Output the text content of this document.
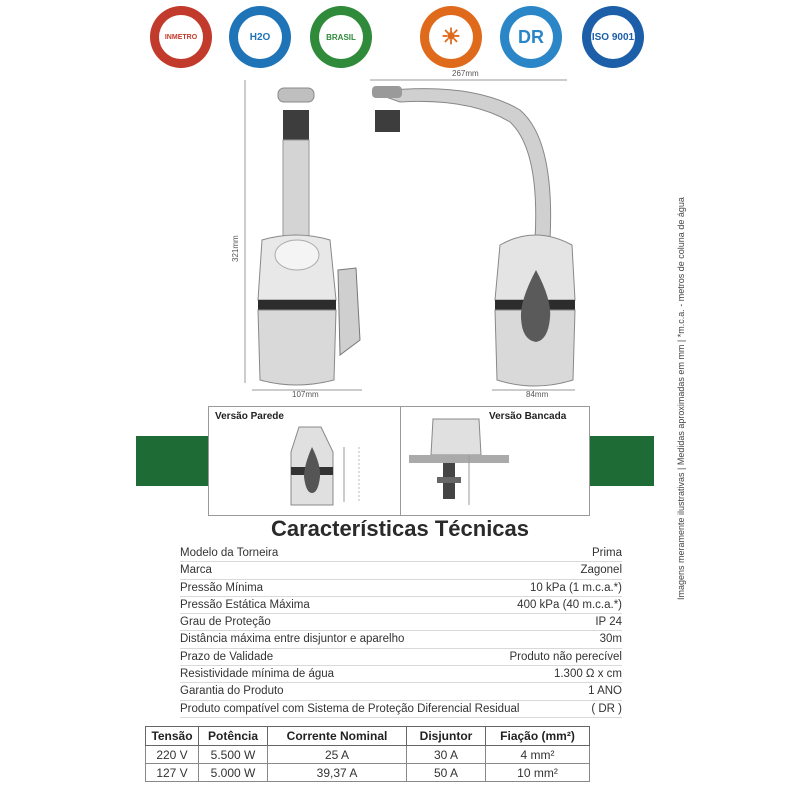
INMETRO	H2O	BRASIL	☀	DR	ISO 9001
267mm
321mm
107mm	84mm
Versão Parede	Versão Bancada	Imagens meramente ilustrativas | Medidas aproximadas em mm | *m.c.a. - metros de coluna de água
Características Técnicas
Modelo da Torneira	Prima
Marca	Zagonel
Pressão Mínima	10 kPa (1 m.c.a.*)
Pressão Estática Máxima	400 kPa (40 m.c.a.*)
Grau de Proteção	IP 24
Distância máxima entre disjuntor e aparelho	30m
Prazo de Validade	Produto não perecível
Resistividade mínima de água	1.300 Ω x cm
Garantia do Produto	1 ANO
Produto compatível com Sistema de Proteção Diferencial Residual	( DR )
Tensão	Potência	Corrente Nominal	Disjuntor	Fiação (mm²)
220 V	5.500 W	25 A	30 A	4 mm²
127 V	5.000 W	39,37 A	50 A	10 mm²
